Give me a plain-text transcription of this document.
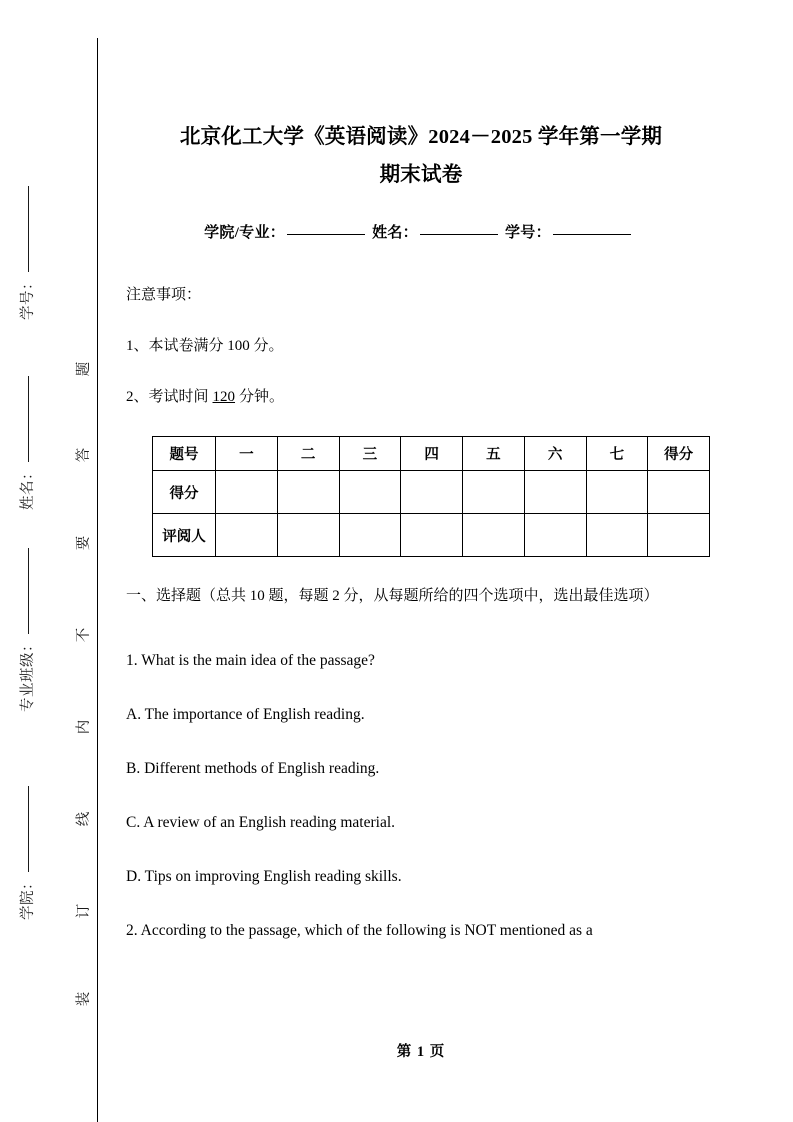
学号：
姓名：
专业班级：
学院：
题
答
要
不
内
线
订
装
北京化工大学《英语阅读》2024－2025 学年第一学期
期末试卷
学院/专业：	姓名：	学号：
注意事项：
1、本试卷满分 100 分。
2、考试时间 120 分钟。
题号	一	二	三	四	五	六	七	得分
得分								
评阅人								
一、选择题（总共 10 题，每题 2 分，从每题所给的四个选项中，选出最佳选项）
1. What is the main idea of the passage?
A. The importance of English reading.
B. Different methods of English reading.
C. A review of an English reading material.
D. Tips on improving English reading skills.
2. According to the passage, which of the following is NOT mentioned as a
第 1 页
